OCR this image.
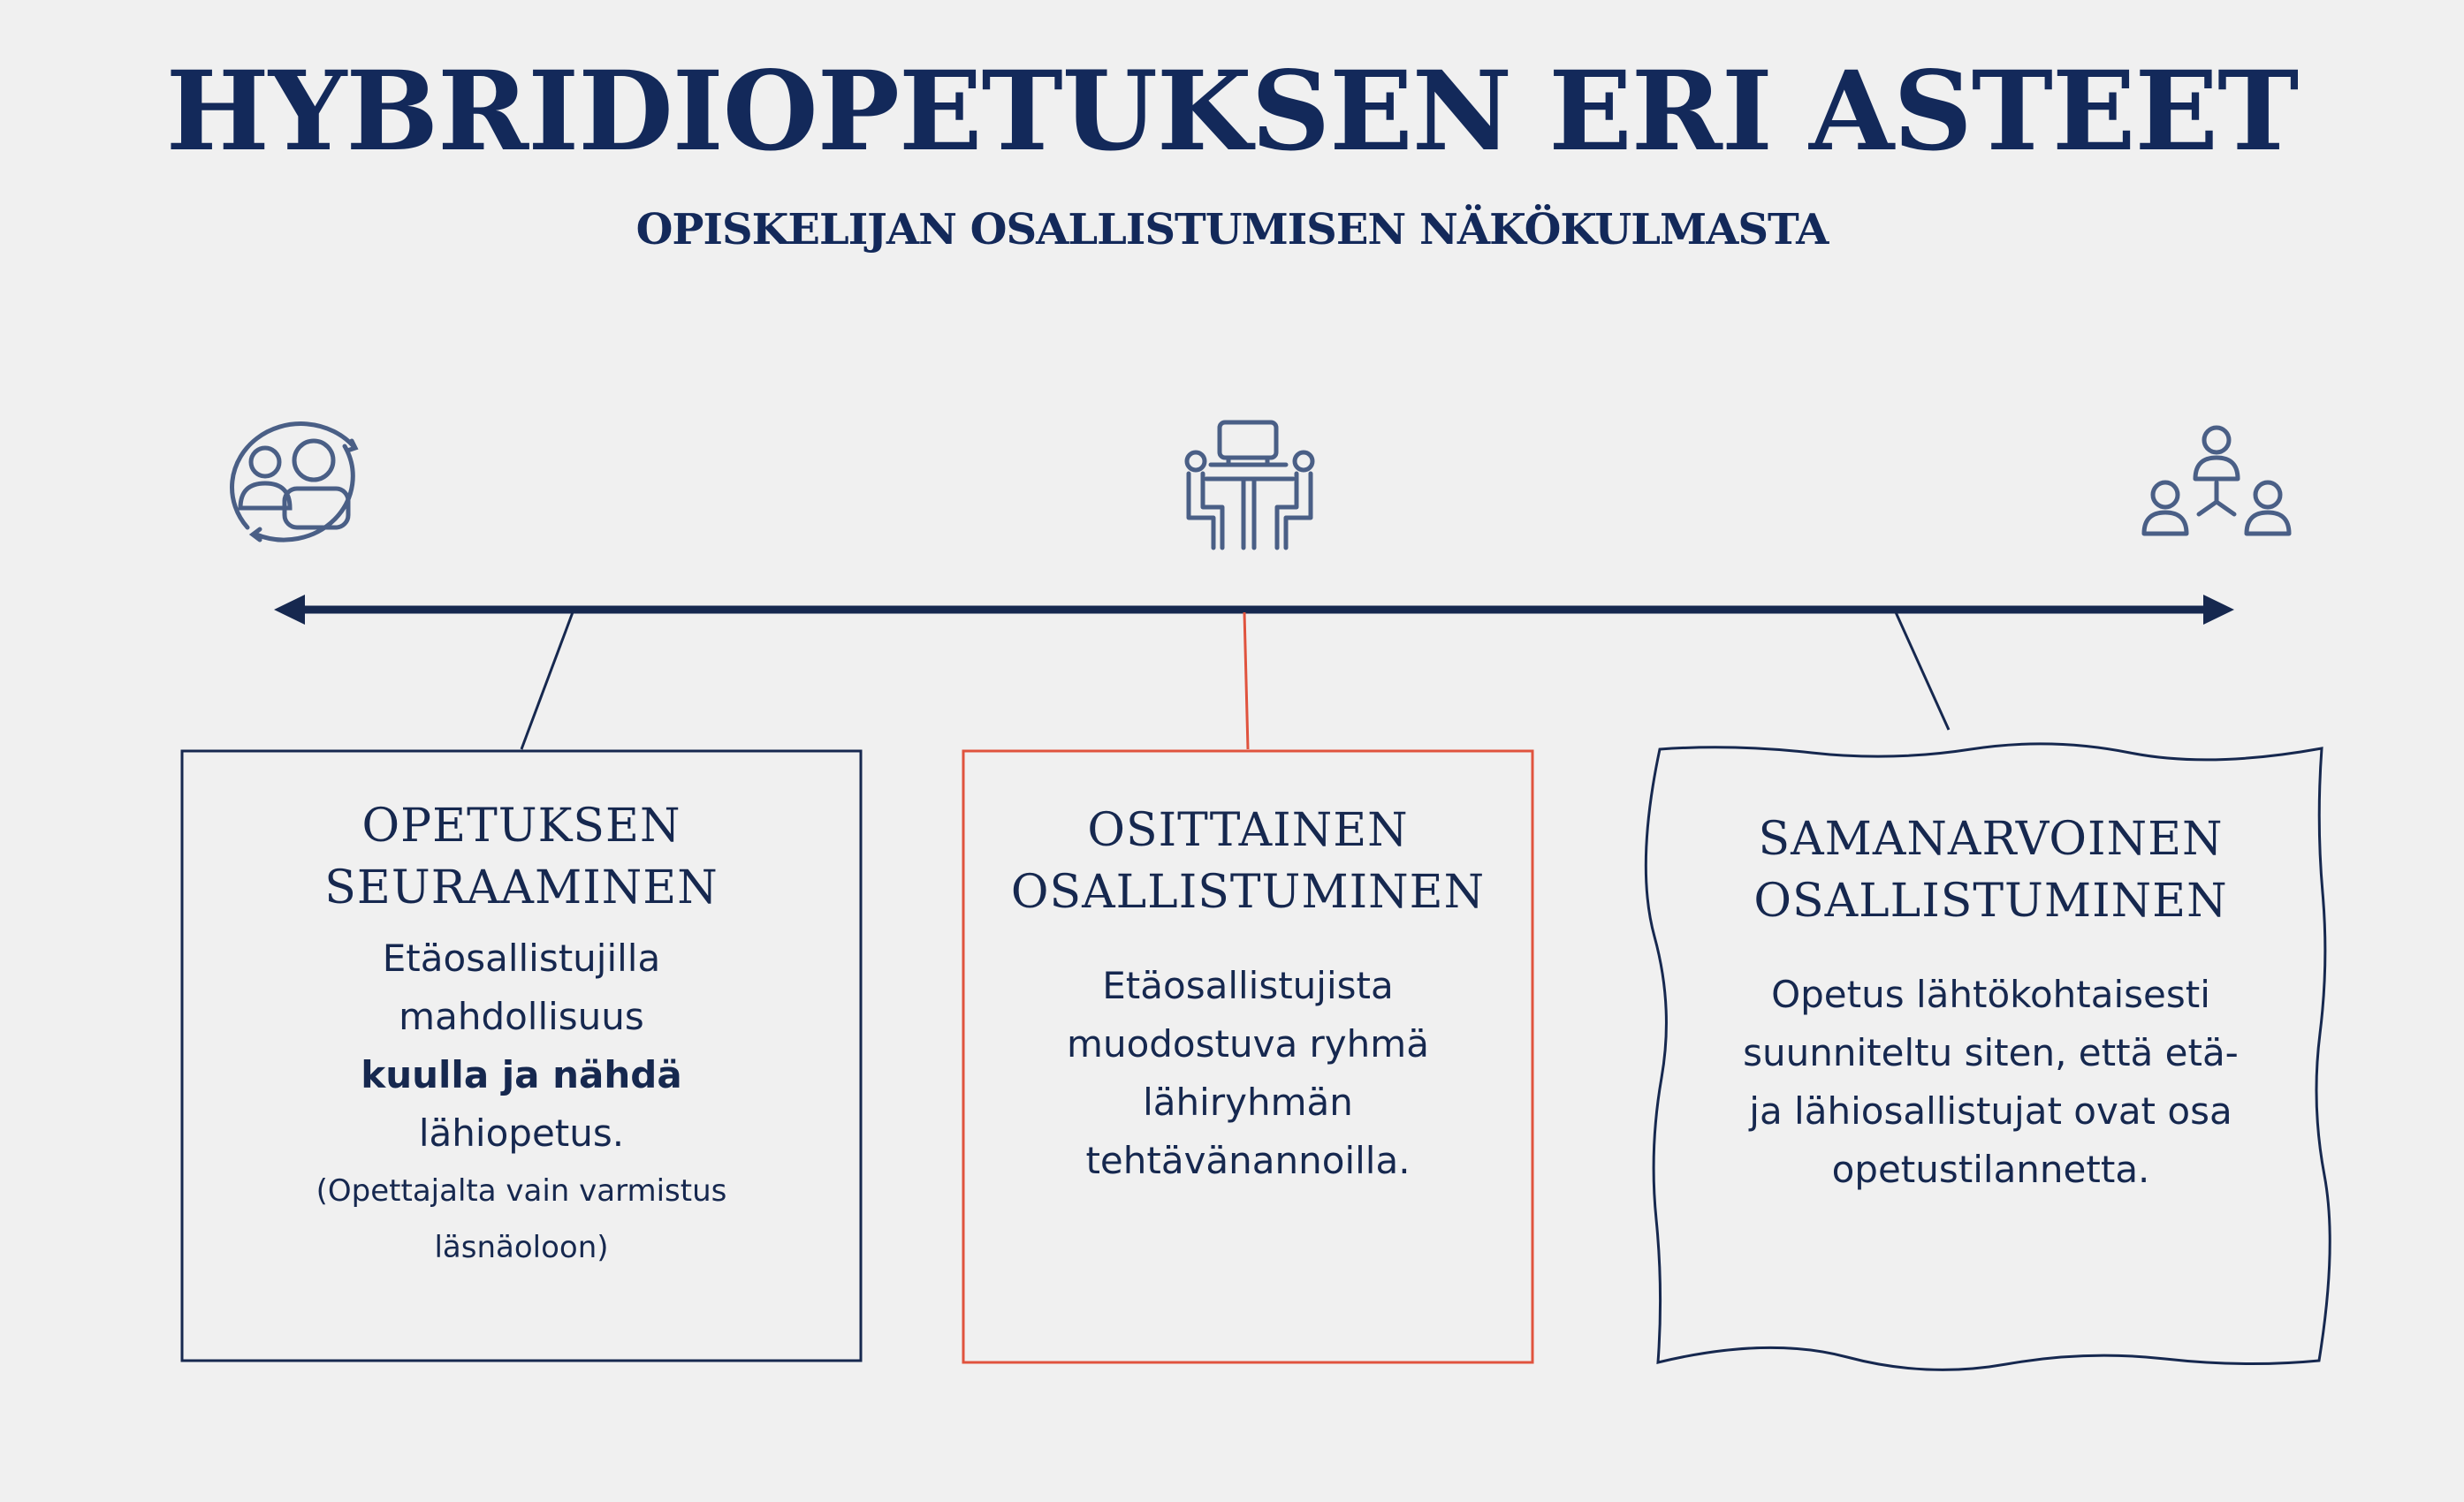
HYBRIDIOPETUKSEN ERI ASTEET
OPISKELIJAN OSALLISTUMISEN NÄKÖKULMASTA

OPETUKSEN

SEURAAMINEN

Etäosallistujilla

mahdollisuus

kuulla ja nähdä

lähiopetus.

(Opettajalta vain varmistus

läsnäoloon)

OSITTAINEN

OSALLISTUMINEN

Etäosallistujista

muodostuva ryhmä

lähiryhmän

tehtävänannoilla.

SAMANARVOINEN

OSALLISTUMINEN

Opetus lähtökohtaisesti

suunniteltu siten, että etä-

ja lähiosallistujat ovat osa

opetustilannetta.
